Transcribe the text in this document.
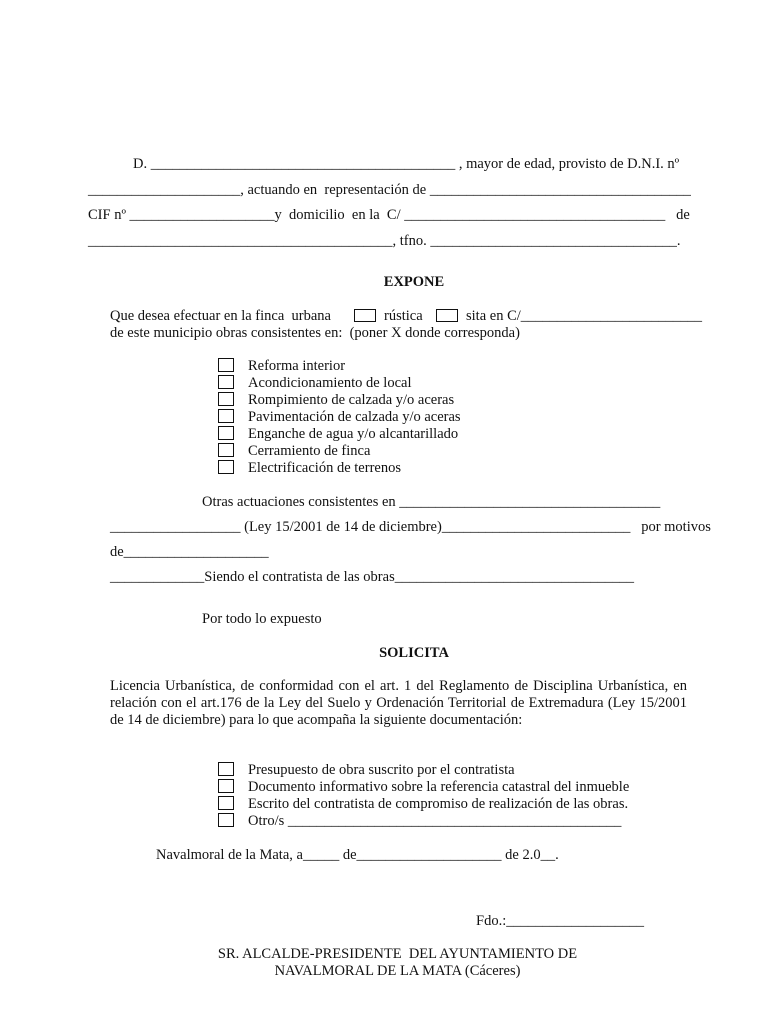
D. __________________________________________ , mayor de edad, provisto de D.N.I. nº
_____________________, actuando en  representación de ____________________________________
CIF nº ____________________y  domicilio  en la  C/ ____________________________________   de
__________________________________________, tfno. __________________________________.
EXPONE
Que desea efectuar en la finca  urbana	rústica	sita en C/_________________________
de este municipio obras consistentes en:  (poner X donde corresponda)
Reforma interior
Acondicionamiento de local
Rompimiento de calzada y/o aceras
Pavimentación de calzada y/o aceras
Enganche de agua y/o alcantarillado
Cerramiento de finca
Electrificación de terrenos
Otras actuaciones consistentes en ____________________________________
__________________ (Ley 15/2001 de 14 de diciembre)__________________________   por motivos
de____________________
_____________Siendo el contratista de las obras_________________________________
Por todo lo expuesto
SOLICITA
Licencia Urbanística, de conformidad con el art. 1 del Reglamento de Disciplina Urbanística, en relación con el art.176 de la Ley del Suelo y Ordenación Territorial de Extremadura (Ley 15/2001 de 14 de diciembre) para lo que acompaña la siguiente documentación:
Presupuesto de obra suscrito por el contratista
Documento informativo sobre la referencia catastral del inmueble
Escrito del contratista de compromiso de realización de las obras.
Otro/s ______________________________________________
Navalmoral de la Mata, a_____ de____________________ de 2.0__.
Fdo.:___________________
SR. ALCALDE-PRESIDENTE  DEL AYUNTAMIENTO DE
NAVALMORAL DE LA MATA (Cáceres)
